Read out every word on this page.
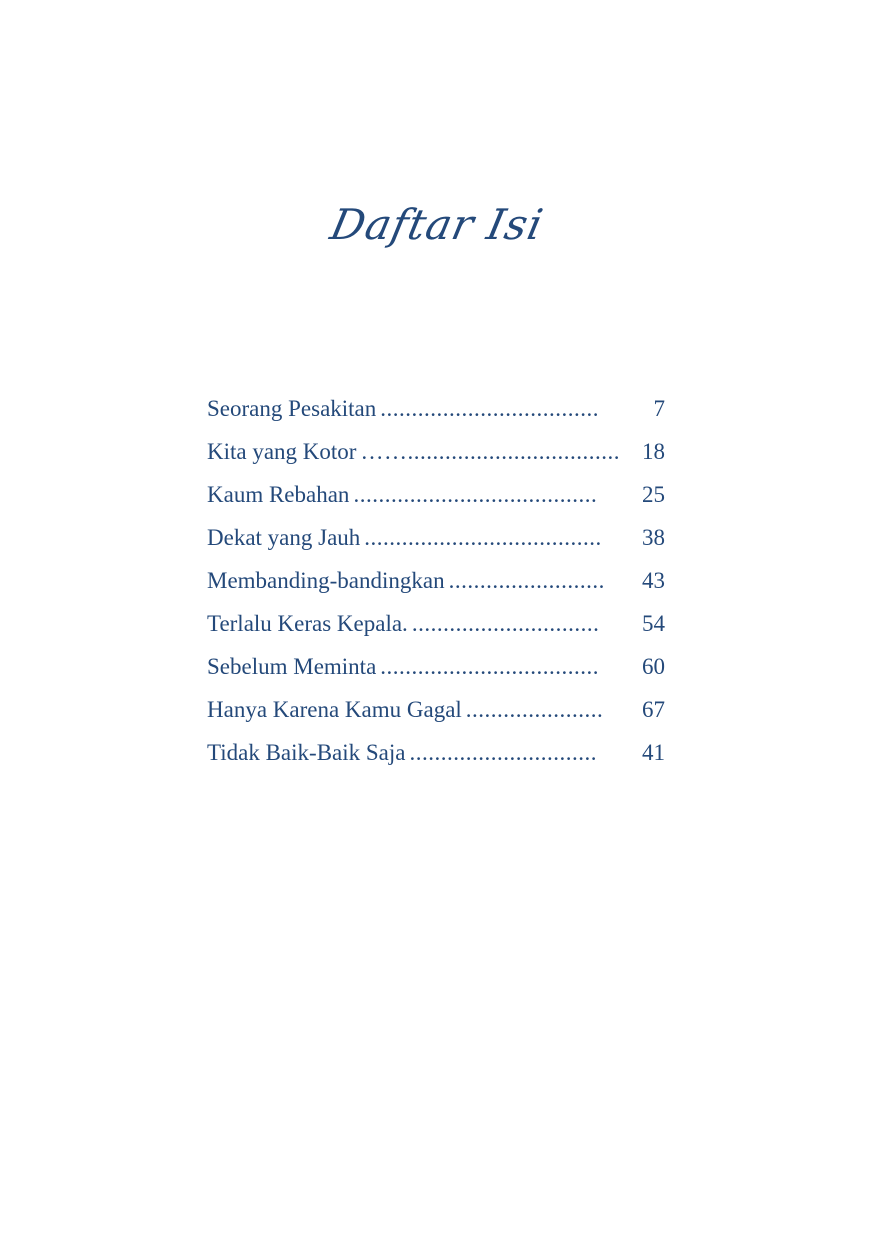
Daftar Isi
Seorang Pesakitan ...................................	7
Kita yang Kotor …….................................. 18
Kaum Rebahan .......................................	25
Dekat yang Jauh ......................................	38
Membanding-bandingkan .........................	43
Terlalu Keras Kepala. ..............................	54
Sebelum Meminta ...................................	60
Hanya Karena Kamu Gagal ......................	67
Tidak Baik-Baik Saja ..............................	41
